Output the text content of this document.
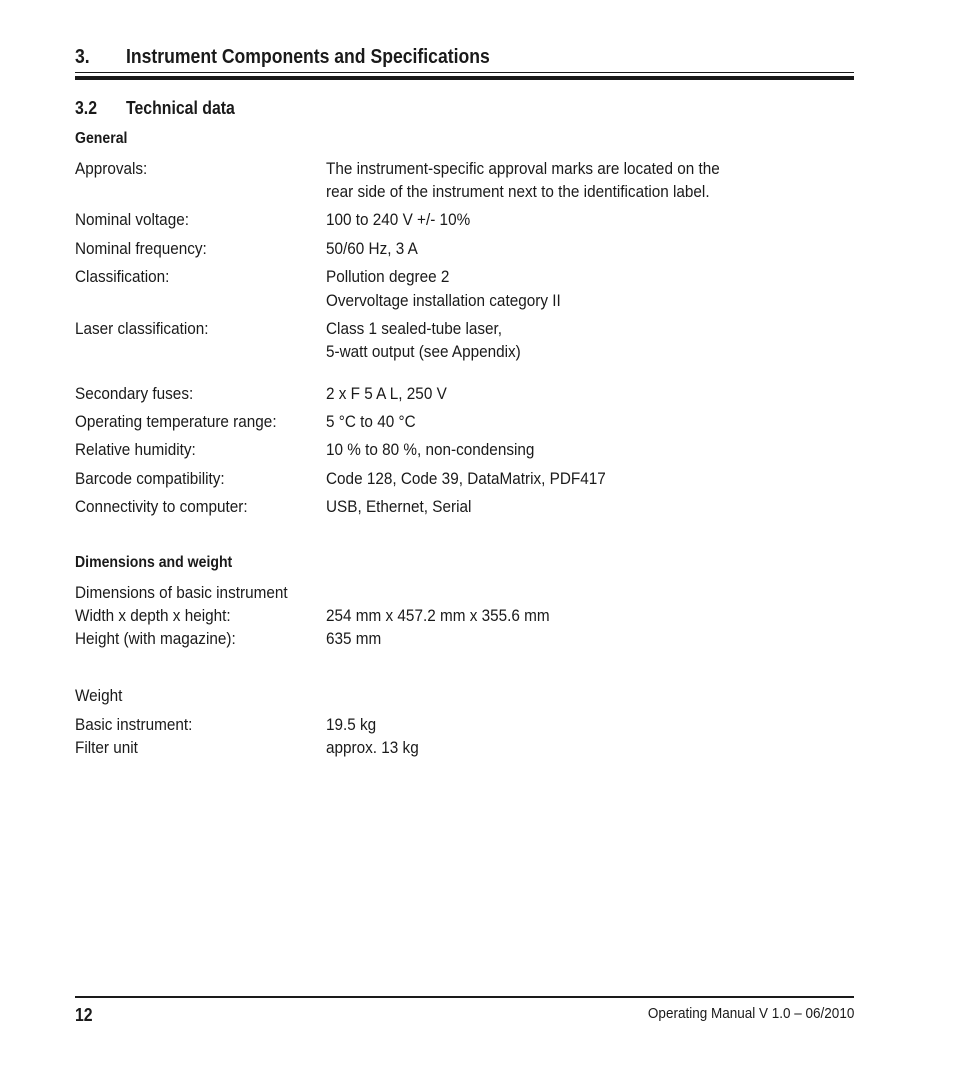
3. Instrument Components and Specifications
3.2 Technical data
General
Approvals:	The instrument-specific approval marks are located on the
rear side of the instrument next to the identification label.
Nominal voltage:	100 to 240 V +/- 10%
Nominal frequency:	50/60 Hz, 3 A
Classification:	Pollution degree 2
Overvoltage installation category II
Laser classification:	Class 1 sealed-tube laser,
5-watt output (see Appendix)
Secondary fuses:	2 x F 5 A L, 250 V
Operating temperature range:	5 °C to 40 °C
Relative humidity:	10 % to 80 %, non-condensing
Barcode compatibility:	Code 128, Code 39, DataMatrix, PDF417
Connectivity to computer:	USB, Ethernet, Serial
Dimensions and weight
Dimensions of basic instrument
Width x depth x height:	254 mm x 457.2 mm x 355.6 mm
Height (with magazine):	635 mm
Weight
Basic instrument:	19.5 kg
Filter unit	approx. 13 kg
12	Operating Manual V 1.0 – 06/2010
